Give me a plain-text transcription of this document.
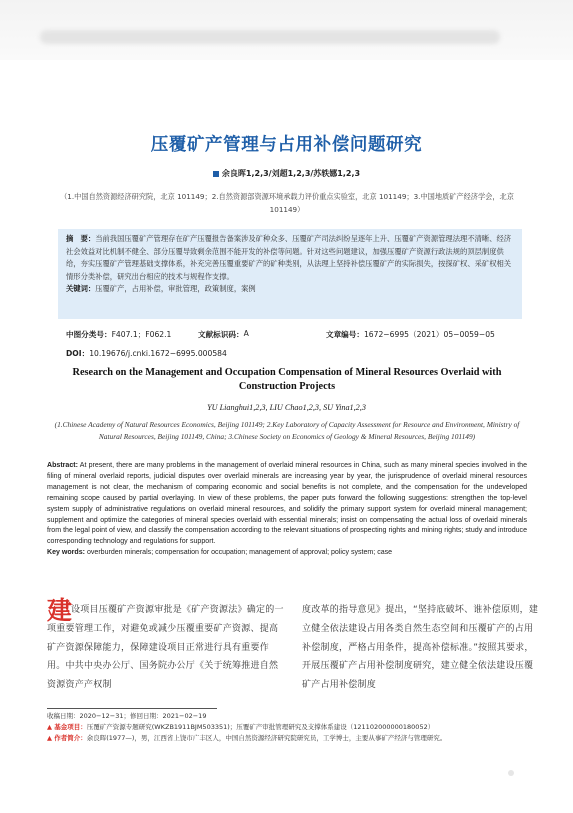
压覆矿产管理与占用补偿问题研究
余良晖1,2,3/刘超1,2,3/苏轶娜1,2,3
（1.中国自然资源经济研究院，北京 101149；2.自然资源部资源环境承载力评价重点实验室，北京 101149；3.中国地质矿产经济学会，北京 101149）
摘　要：当前我国压覆矿产管理存在矿产压覆报告备案涉及矿种众多、压覆矿产司法纠纷呈逐年上升、压覆矿产资源管理法理不清晰、经济社会效益对比机制不健全、部分压覆导致剩余范围不能开发的补偿等问题。针对这些问题建议，加强压覆矿产资源行政法规的顶层制度供给，夯实压覆矿产管理基础支撑体系，补充完善压覆重要矿产的矿种类别，从法理上坚持补偿压覆矿产的实际损失，按探矿权、采矿权相关情形分类补偿，研究出台相应的技术与规程作支撑。
关键词：压覆矿产，占用补偿，审批管理，政策制度，案例
中图分类号： F407.1；F062.1	文献标识码： A	文章编号： 1672−6995（2021）05−0059−05
DOI：10.19676/j.cnki.1672−6995.000584
Research on the Management and Occupation Compensation of Mineral Resources Overlaid with Construction Projects
YU Lianghui1,2,3, LIU Chao1,2,3, SU Yina1,2,3
(1.Chinese Academy of Natural Resources Economics, Beijing 101149; 2.Key Laboratory of Capacity Assessment for Resource and Environment, Ministry of Natural Resources, Beijing 101149, China; 3.Chinese Society on Economics of Geology & Mineral Resources, Beijing 101149)
Abstract: At present, there are many problems in the management of overlaid mineral resources in China, such as many mineral species involved in the filing of mineral overlaid reports, judicial disputes over overlaid minerals are increasing year by year, the jurisprudence of overlaid mineral resources management is not clear, the mechanism of comparing economic and social benefits is not complete, and the compensation for the undeveloped remaining scope caused by partial overlaying. In view of these problems, the paper puts forward the following suggestions: strengthen the top-level system supply of administrative regulations on overlaid mineral resources, and solidify the primary support system for overlaid mineral management; supplement and optimize the categories of mineral species overlaid with essential minerals; insist on compensating the actual loss of overlaid minerals from the legal point of view, and classify the compensation according to the relevant situations of prospecting rights and mining rights; study and introduce corresponding technology and regulations for support.
Key words: overburden minerals; compensation for occupation; management of approval; policy system; case
建
设项目压覆矿产资源审批是《矿产资源法》确定的一项重要管理工作，对避免或减少压覆重要矿产资源、提高矿产资源保障能力，保障建设项目正常进行具有重要作用。中共中央办公厅、国务院办公厅《关于统筹推进自然资源资产产权制
度改革的指导意见》提出，“坚持底破坏、谁补偿原则，建立健全依法建设占用各类自然生态空间和压覆矿产的占用补偿制度，严格占用条件，提高补偿标准。”按照其要求，开展压覆矿产占用补偿制度研究，建立健全依法建设压覆矿产占用补偿制度
收稿日期：2020−12−31；修回日期：2021−02−19
▲ 基金项目：压覆矿产资源专题研究(WKZB1911BJM503351)；压覆矿产审批管理研究及支撑体系建设（121102000000180052）
▲ 作者简介：余良晖(1977—)，男，江西省上饶市广丰区人，中国自然资源经济研究院研究员，工学博士，主要从事矿产经济与管理研究。
